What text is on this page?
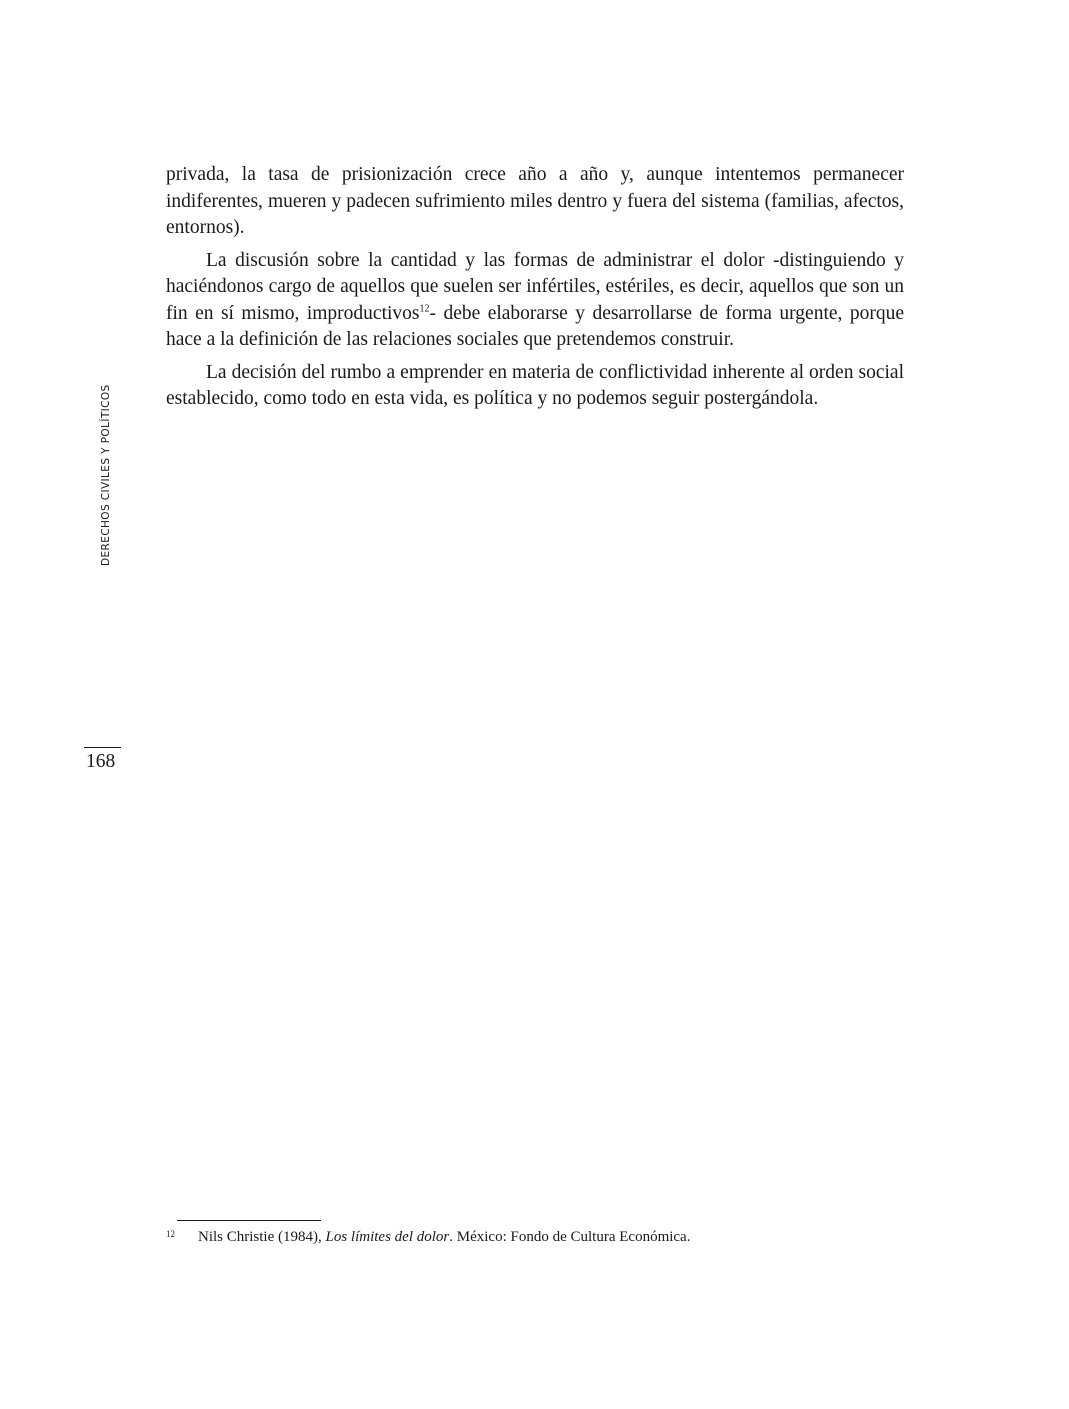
privada, la tasa de prisionización crece año a año y, aunque intentemos permanecer indiferentes, mueren y padecen sufrimiento miles dentro y fuera del sistema (familias, afectos, entornos).

La discusión sobre la cantidad y las formas de administrar el dolor -distinguiendo y haciéndonos cargo de aquellos que suelen ser infértiles, estériles, es decir, aquellos que son un fin en sí mismo, improductivos$^{12}$- debe elaborarse y desarrollarse de forma urgente, porque hace a la definición de las relaciones sociales que pretendemos construir.

La decisión del rumbo a emprender en materia de conflictividad inherente al orden social establecido, como todo en esta vida, es política y no podemos seguir postergándola.

DERECHOS CIVILES Y POLÍTICOS
168
12 Nils Christie (1984), Los límites del dolor. México: Fondo de Cultura Económica.
